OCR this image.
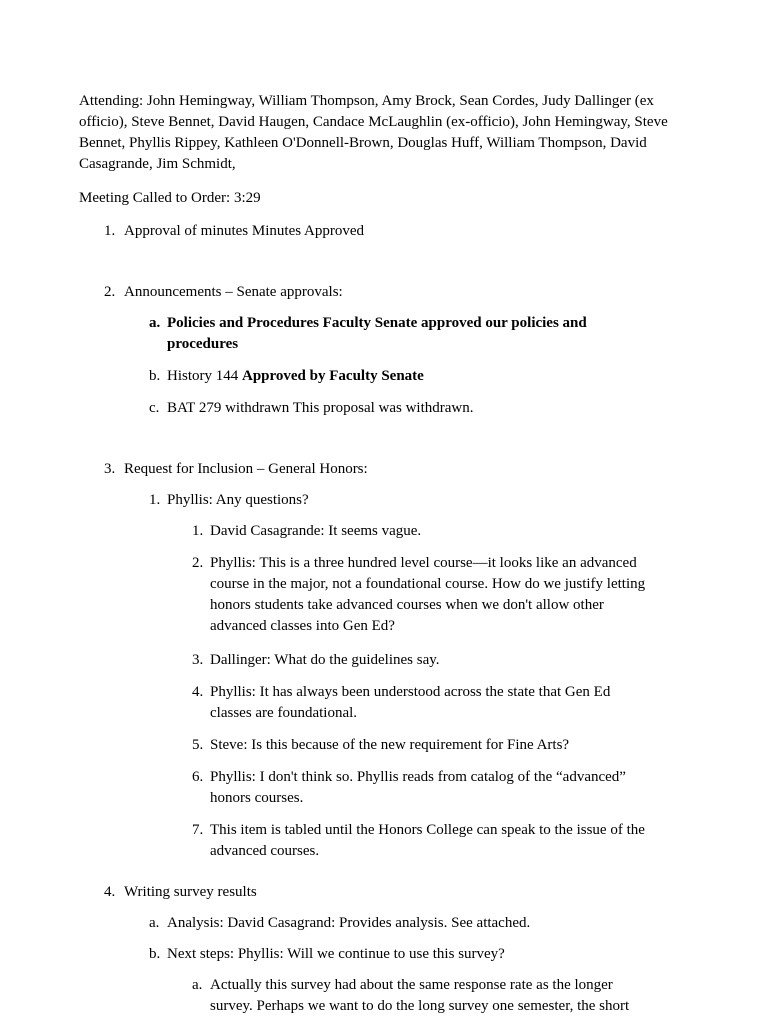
Attending: John Hemingway, William Thompson, Amy Brock, Sean Cordes, Judy Dallinger (ex officio), Steve Bennet, David Haugen, Candace McLaughlin (ex-officio), John Hemingway, Steve Bennet, Phyllis Rippey, Kathleen O'Donnell-Brown, Douglas Huff, William Thompson, David Casagrande, Jim Schmidt,

Meeting Called to Order: 3:29

1. Approval of minutes Minutes Approved
2. Announcements – Senate approvals:
a. Policies and Procedures Faculty Senate approved our policies and procedures
b. History 144 Approved by Faculty Senate
c. BAT 279 withdrawn This proposal was withdrawn.
3. Request for Inclusion – General Honors:
1. Phyllis: Any questions?
1. David Casagrande: It seems vague.
2. Phyllis: This is a three hundred level course—it looks like an advanced course in the major, not a foundational course. How do we justify letting honors students take advanced courses when we don't allow other advanced classes into Gen Ed?
3. Dallinger: What do the guidelines say.
4. Phyllis: It has always been understood across the state that Gen Ed classes are foundational.
5. Steve: Is this because of the new requirement for Fine Arts?
6. Phyllis: I don't think so. Phyllis reads from catalog of the “advanced” honors courses.
7. This item is tabled until the Honors College can speak to the issue of the advanced courses.
4. Writing survey results
a. Analysis: David Casagrand: Provides analysis. See attached.
b. Next steps: Phyllis: Will we continue to use this survey?
a. Actually this survey had about the same response rate as the longer survey. Perhaps we want to do the long survey one semester, the short
